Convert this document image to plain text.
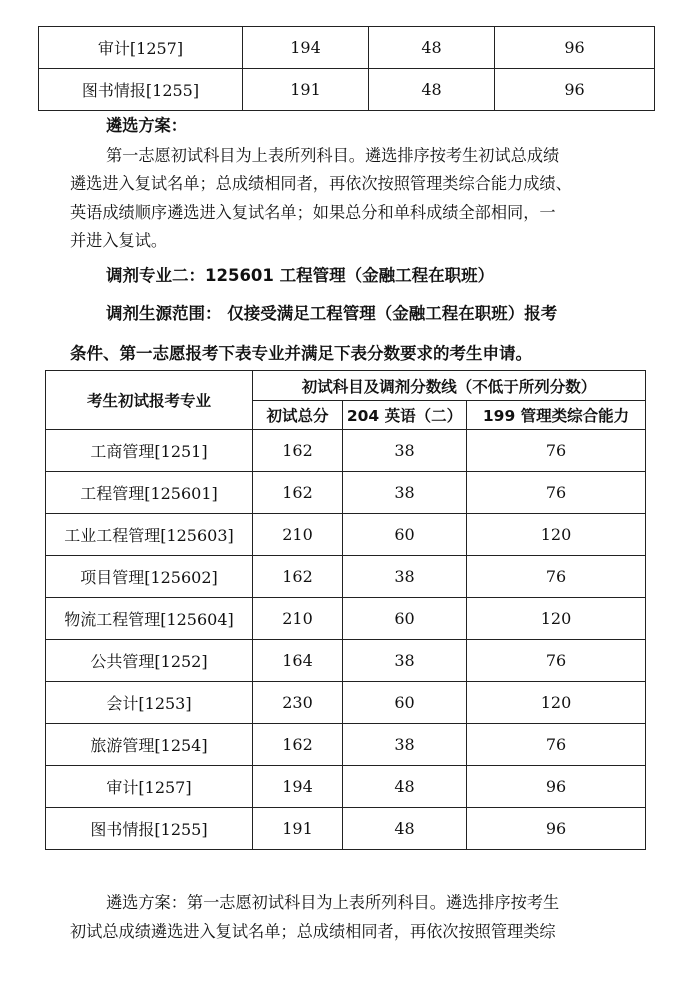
审计[1257]	194	48	96
图书情报[1255]	191	48	96

遴选方案：

第一志愿初试科目为上表所列科目。遴选排序按考生初试总成绩

遴选进入复试名单；总成绩相同者，再依次按照管理类综合能力成绩、

英语成绩顺序遴选进入复试名单；如果总分和单科成绩全部相同，一

并进入复试。

调剂专业二：125601 工程管理（金融工程在职班）

调剂生源范围： 仅接受满足工程管理（金融工程在职班）报考

条件、第一志愿报考下表专业并满足下表分数要求的考生申请。

考生初试报考专业	初试科目及调剂分数线（不低于所列分数）		
	初试总分	204 英语（二）	199 管理类综合能力
工商管理[1251]	162	38	76
工程管理[125601]	162	38	76
工业工程管理[125603]	210	60	120
项目管理[125602]	162	38	76
物流工程管理[125604]	210	60	120
公共管理[1252]	164	38	76
会计[1253]	230	60	120
旅游管理[1254]	162	38	76
审计[1257]	194	48	96
图书情报[1255]	191	48	96

遴选方案：第一志愿初试科目为上表所列科目。遴选排序按考生

初试总成绩遴选进入复试名单；总成绩相同者，再依次按照管理类综
